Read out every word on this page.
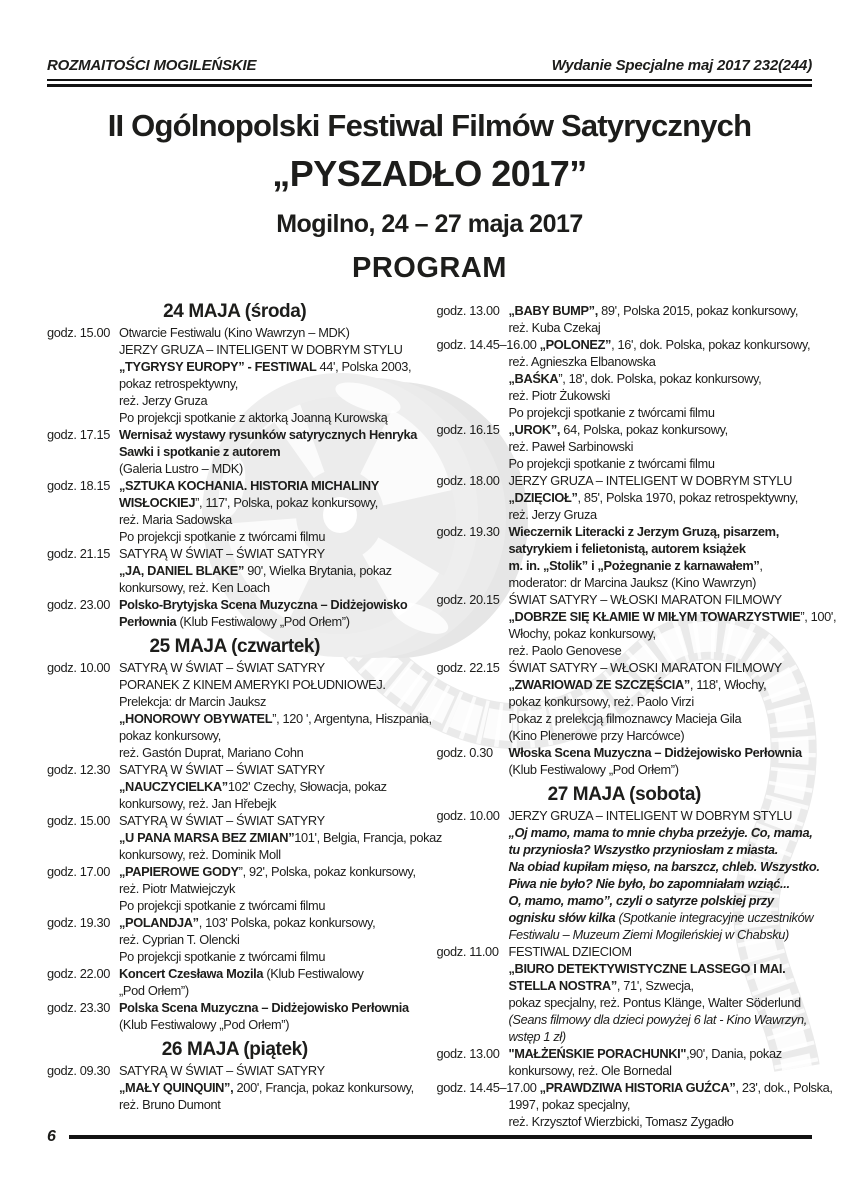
ROZMAITOŚCI MOGILEŃSKIE	Wydanie Specjalne maj 2017 232(244)
II Ogólnopolski Festiwal Filmów Satyrycznych
„PYSZADŁO 2017”
Mogilno, 24 – 27 maja 2017
PROGRAM
24 MAJA (środa)
godz. 15.00 Otwarcie Festiwalu (Kino Wawrzyn – MDK)
JERZY GRUZA – INTELIGENT W DOBRYM STYLU
„TYGRYSY EUROPY” - FESTIWAL 44', Polska 2003,
pokaz retrospektywny,
reż. Jerzy Gruza
Po projekcji spotkanie z aktorką Joanną Kurowską
godz. 17.15 Wernisaż wystawy rysunków satyrycznych Henryka
Sawki i spotkanie z autorem
(Galeria Lustro – MDK)
godz. 18.15 „SZTUKA KOCHANIA. HISTORIA MICHALINY
WISŁOCKIEJ”, 117', Polska, pokaz konkursowy,
reż. Maria Sadowska
Po projekcji spotkanie z twórcami filmu
godz. 21.15 SATYRĄ W ŚWIAT – ŚWIAT SATYRY
„JA, DANIEL BLAKE” 90', Wielka Brytania, pokaz
konkursowy, reż. Ken Loach
godz. 23.00 Polsko-Brytyjska Scena Muzyczna – Didżejowisko
Perłownia (Klub Festiwalowy „Pod Orłem”)
25 MAJA (czwartek)
godz. 10.00 SATYRĄ W ŚWIAT – ŚWIAT SATYRY
PORANEK Z KINEM AMERYKI POŁUDNIOWEJ.
Prelekcja: dr Marcin Jauksz
„HONOROWY OBYWATEL”, 120 ', Argentyna, Hiszpania,
pokaz konkursowy,
reż. Gastón Duprat, Mariano Cohn
godz. 12.30 SATYRĄ W ŚWIAT – ŚWIAT SATYRY
„NAUCZYCIELKA”102' Czechy, Słowacja, pokaz
konkursowy, reż. Jan Hřebejk
godz. 15.00 SATYRĄ W ŚWIAT – ŚWIAT SATYRY
„U PANA MARSA BEZ ZMIAN”101', Belgia, Francja, pokaz
konkursowy, reż. Dominik Moll
godz. 17.00 „PAPIEROWE GODY”, 92', Polska, pokaz konkursowy,
reż. Piotr Matwiejczyk
Po projekcji spotkanie z twórcami filmu
godz. 19.30 „POLANDJA”, 103' Polska, pokaz konkursowy,
reż. Cyprian T. Olencki
Po projekcji spotkanie z twórcami filmu
godz. 22.00 Koncert Czesława Mozila (Klub Festiwalowy
„Pod Orłem”)
godz. 23.30 Polska Scena Muzyczna – Didżejowisko Perłownia
(Klub Festiwalowy „Pod Orłem”)
26 MAJA (piątek)
godz. 09.30 SATYRĄ W ŚWIAT – ŚWIAT SATYRY
„MAŁY QUINQUIN”, 200', Francja, pokaz konkursowy,
reż. Bruno Dumont
godz. 13.00 „BABY BUMP”, 89', Polska 2015, pokaz konkursowy,
reż. Kuba Czekaj
godz. 14.45–16.00 „POLONEZ”, 16', dok. Polska, pokaz konkursowy,
reż. Agnieszka Elbanowska
„BAŚKA”, 18', dok. Polska, pokaz konkursowy,
reż. Piotr Żukowski
Po projekcji spotkanie z twórcami filmu
godz. 16.15 „UROK”, 64, Polska, pokaz konkursowy,
reż. Paweł Sarbinowski
Po projekcji spotkanie z twórcami filmu
godz. 18.00 JERZY GRUZA – INTELIGENT W DOBRYM STYLU
„DZIĘCIOŁ”, 85', Polska 1970, pokaz retrospektywny,
reż. Jerzy Gruza
godz. 19.30 Wieczernik Literacki z Jerzym Gruzą, pisarzem,
satyrykiem i felietonistą, autorem książek
m. in. „Stolik” i „Pożegnanie z karnawałem”,
moderator: dr Marcina Jauksz (Kino Wawrzyn)
godz. 20.15 ŚWIAT SATYRY – WŁOSKI MARATON FILMOWY
„DOBRZE SIĘ KŁAMIE W MIŁYM TOWARZYSTWIE”, 100',
Włochy, pokaz konkursowy,
reż. Paolo Genovese
godz. 22.15 ŚWIAT SATYRY – WŁOSKI MARATON FILMOWY
„ZWARIOWAD ZE SZCZĘŚCIA”, 118', Włochy,
pokaz konkursowy, reż. Paolo Virzi
Pokaz z prelekcją filmoznawcy Macieja Gila
(Kino Plenerowe przy Harcówce)
godz. 0.30	Włoska Scena Muzyczna – Didżejowisko Perłownia
(Klub Festiwalowy „Pod Orłem”)
27 MAJA (sobota)
godz. 10.00 JERZY GRUZA – INTELIGENT W DOBRYM STYLU
„Oj mamo, mama to mnie chyba przeżyje. Co, mama,
tu przyniosła? Wszystko przyniosłam z miasta.
Na obiad kupiłam mięso, na barszcz, chleb. Wszystko.
Piwa nie było? Nie było, bo zapomniałam wziąć...
O, mamo, mamo”, czyli o satyrze polskiej przy
ognisku słów kilka (Spotkanie integracyjne uczestników
Festiwalu – Muzeum Ziemi Mogileńskiej w Chabsku)
godz. 11.00 FESTIWAL DZIECIOM
„BIURO DETEKTYWISTYCZNE LASSEGO I MAI.
STELLA NOSTRA”, 71', Szwecja,
pokaz specjalny, reż. Pontus Klänge, Walter Söderlund
(Seans filmowy dla dzieci powyżej 6 lat - Kino Wawrzyn,
wstęp 1 zł)
godz. 13.00 "MAŁŻEŃSKIE PORACHUNKI",90', Dania, pokaz
konkursowy, reż. Ole Bornedal
godz. 14.45–17.00 „PRAWDZIWA HISTORIA GUŹCA”, 23', dok., Polska,
1997, pokaz specjalny,
reż. Krzysztof Wierzbicki, Tomasz Zygadło
6
